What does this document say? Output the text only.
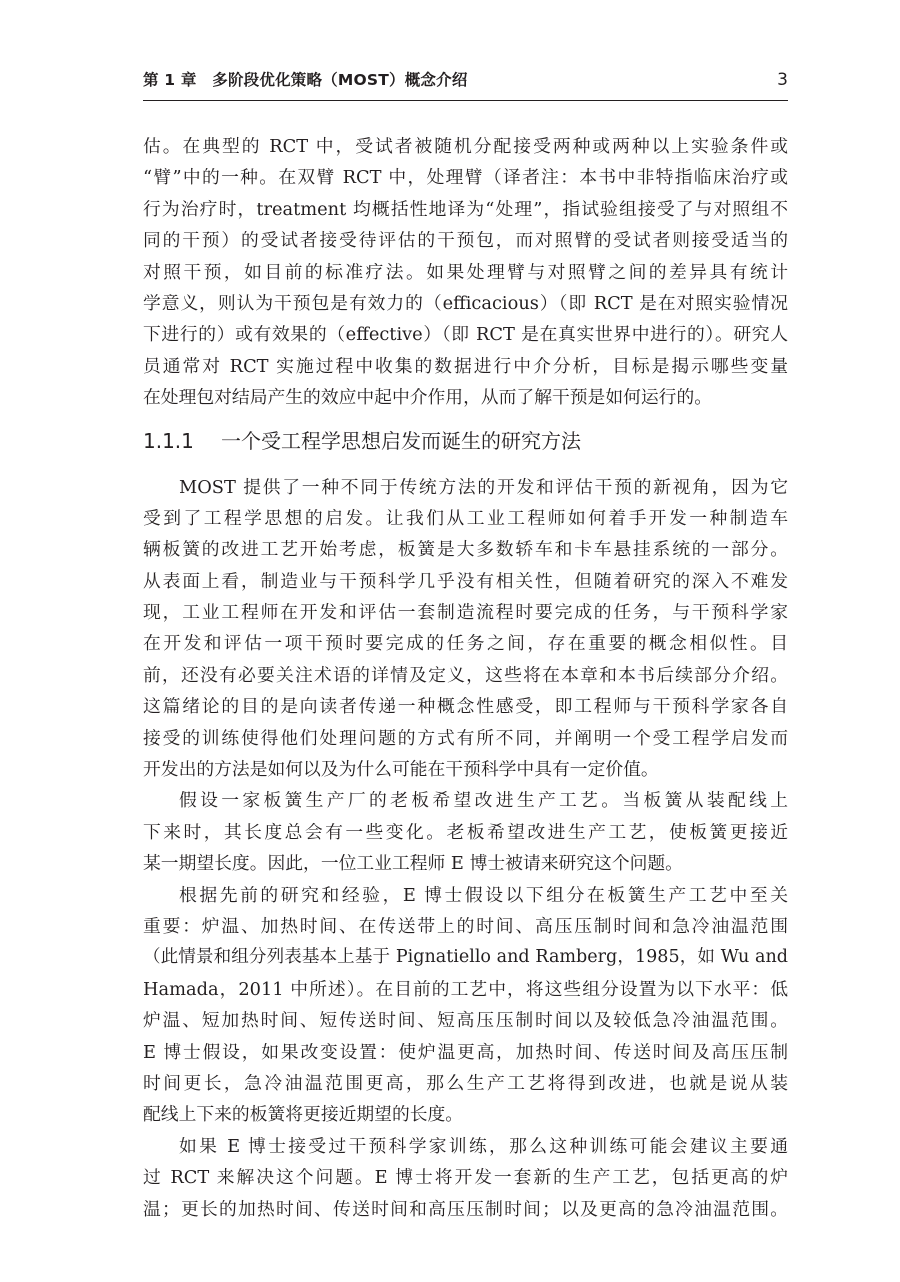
第 1 章　多阶段优化策略（MOST）概念介绍	3
估。在典型的 RCT 中，受试者被随机分配接受两种或两种以上实验条件或
“臂”中的一种。在双臂 RCT 中，处理臂（译者注：本书中非特指临床治疗或
行为治疗时，treatment 均概括性地译为“处理”，指试验组接受了与对照组不
同的干预）的受试者接受待评估的干预包，而对照臂的受试者则接受适当的
对照干预，如目前的标准疗法。如果处理臂与对照臂之间的差异具有统计
学意义，则认为干预包是有效力的（efficacious）（即 RCT 是在对照实验情况
下进行的）或有效果的（effective）（即 RCT 是在真实世界中进行的）。研究人
员通常对 RCT 实施过程中收集的数据进行中介分析，目标是揭示哪些变量
在处理包对结局产生的效应中起中介作用，从而了解干预是如何运行的。
1.1.1 一个受工程学思想启发而诞生的研究方法
MOST 提供了一种不同于传统方法的开发和评估干预的新视角，因为它
受到了工程学思想的启发。让我们从工业工程师如何着手开发一种制造车
辆板簧的改进工艺开始考虑，板簧是大多数轿车和卡车悬挂系统的一部分。
从表面上看，制造业与干预科学几乎没有相关性，但随着研究的深入不难发
现，工业工程师在开发和评估一套制造流程时要完成的任务，与干预科学家
在开发和评估一项干预时要完成的任务之间，存在重要的概念相似性。目
前，还没有必要关注术语的详情及定义，这些将在本章和本书后续部分介绍。
这篇绪论的目的是向读者传递一种概念性感受，即工程师与干预科学家各自
接受的训练使得他们处理问题的方式有所不同，并阐明一个受工程学启发而
开发出的方法是如何以及为什么可能在干预科学中具有一定价值。
假设一家板簧生产厂的老板希望改进生产工艺。当板簧从装配线上
下来时，其长度总会有一些变化。老板希望改进生产工艺，使板簧更接近
某一期望长度。因此，一位工业工程师 E 博士被请来研究这个问题。
根据先前的研究和经验，E 博士假设以下组分在板簧生产工艺中至关
重要：炉温、加热时间、在传送带上的时间、高压压制时间和急冷油温范围
（此情景和组分列表基本上基于 Pignatiello and Ramberg，1985，如 Wu and
Hamada，2011 中所述）。在目前的工艺中，将这些组分设置为以下水平：低
炉温、短加热时间、短传送时间、短高压压制时间以及较低急冷油温范围。
E 博士假设，如果改变设置：使炉温更高，加热时间、传送时间及高压压制
时间更长，急冷油温范围更高，那么生产工艺将得到改进，也就是说从装
配线上下来的板簧将更接近期望的长度。
如果 E 博士接受过干预科学家训练，那么这种训练可能会建议主要通
过 RCT 来解决这个问题。E 博士将开发一套新的生产工艺，包括更高的炉
温；更长的加热时间、传送时间和高压压制时间；以及更高的急冷油温范围。
